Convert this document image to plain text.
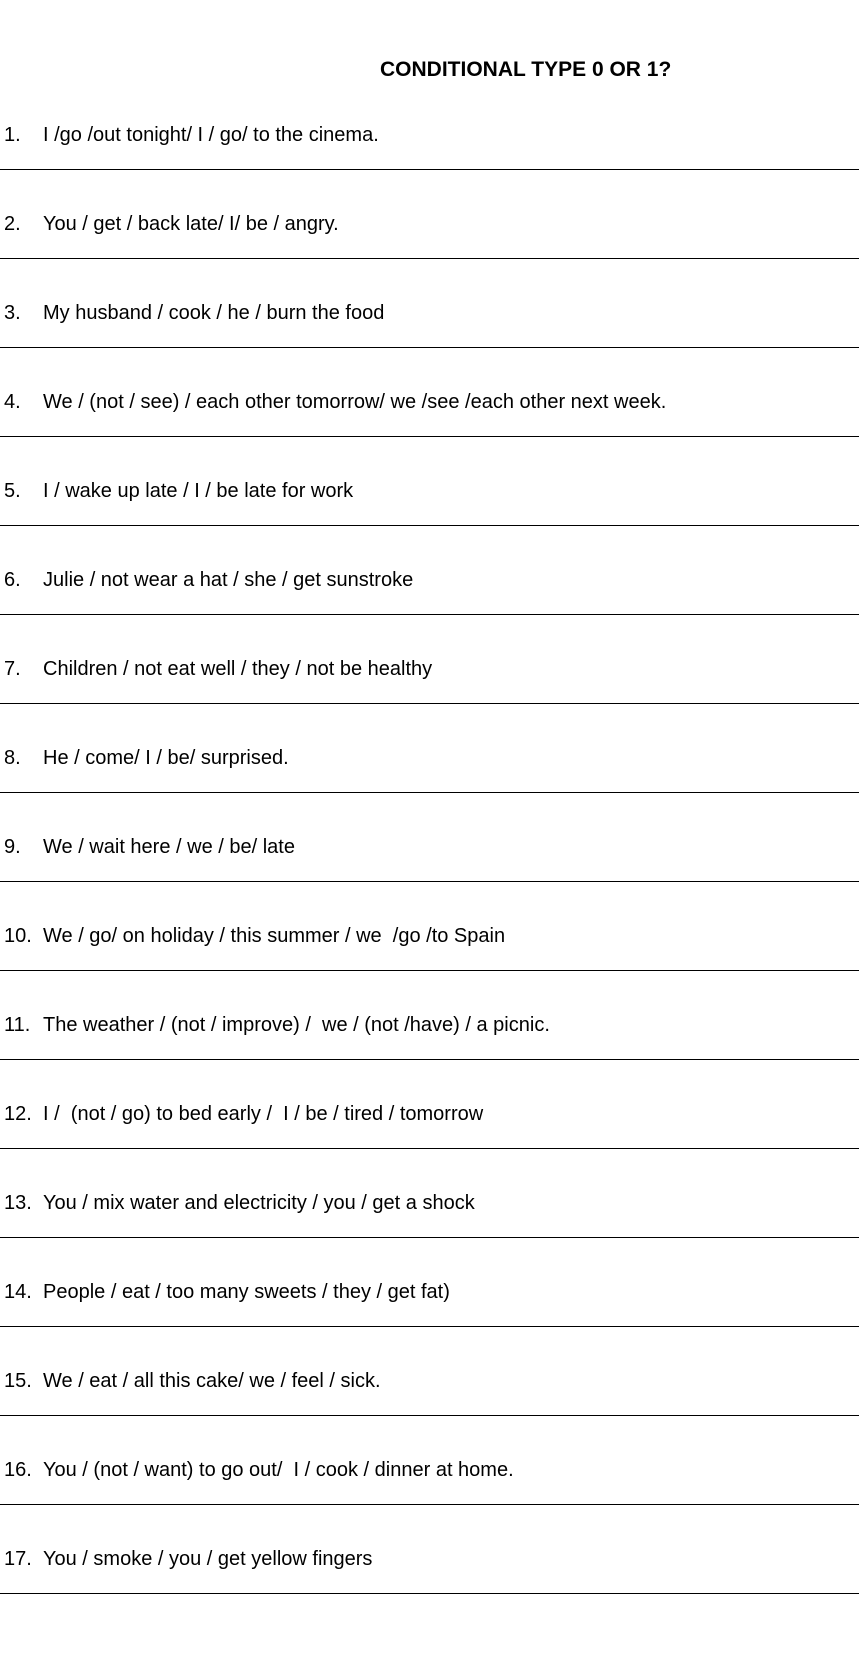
CONDITIONAL TYPE 0 OR 1?
1. I /go /out tonight/ I / go/ to the cinema.
2. You / get / back late/ I/ be / angry.
3. My husband / cook / he / burn the food
4. We / (not / see) / each other tomorrow/ we /see /each other next week.
5. I / wake up late / I / be late for work
6. Julie / not wear a hat / she / get sunstroke
7. Children / not eat well / they / not be healthy
8. He / come/ I / be/ surprised.
9. We / wait here / we / be/ late
10. We / go/ on holiday / this summer / we  /go /to Spain
11. The weather / (not / improve) /  we / (not /have) / a picnic.
12. I /  (not / go) to bed early /  I / be / tired / tomorrow
13. You / mix water and electricity / you / get a shock
14. People / eat / too many sweets / they / get fat)
15. We / eat / all this cake/ we / feel / sick.
16. You / (not / want) to go out/  I / cook / dinner at home.
17. You / smoke / you / get yellow fingers
